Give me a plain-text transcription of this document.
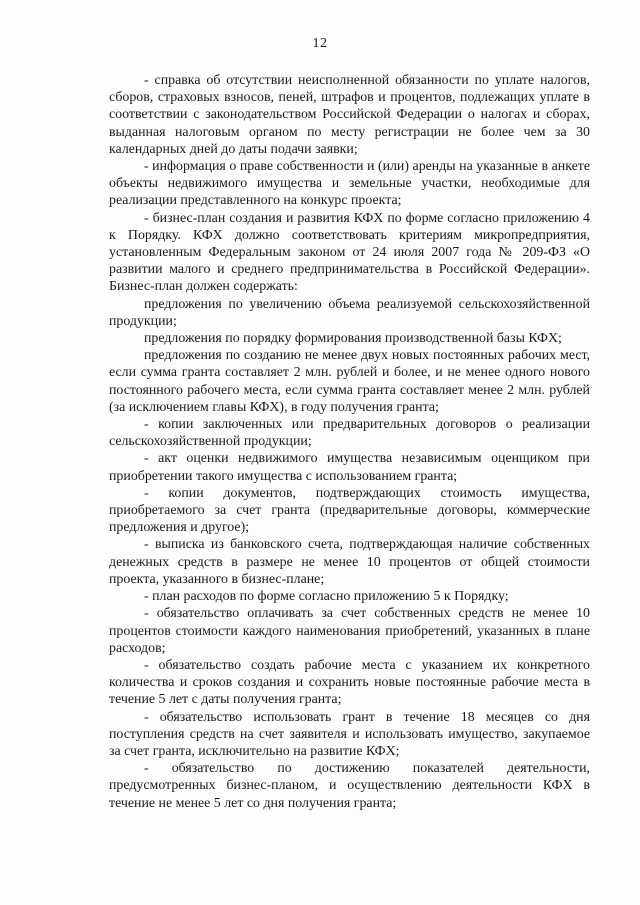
12

- справка об отсутствии неисполненной обязанности по уплате налогов, сборов, страховых взносов, пеней, штрафов и процентов, подлежащих уплате в соответствии с законодательством Российской Федерации о налогах и сборах, выданная налоговым органом по месту регистрации не более чем за 30 календарных дней до даты подачи заявки;

- информация о праве собственности и (или) аренды на указанные в анкете объекты недвижимого имущества и земельные участки, необходимые для реализации представленного на конкурс проекта;

- бизнес-план создания и развития КФХ по форме согласно приложению 4 к Порядку. КФХ должно соответствовать критериям микропредприятия, установленным Федеральным законом от 24 июля 2007 года № 209-ФЗ «О развитии малого и среднего предпринимательства в Российской Федерации». Бизнес-план должен содержать:

предложения по увеличению объема реализуемой сельскохозяйственной продукции;

предложения по порядку формирования производственной базы КФХ;

предложения по созданию не менее двух новых постоянных рабочих мест, если сумма гранта составляет 2 млн. рублей и более, и не менее одного нового постоянного рабочего места, если сумма гранта составляет менее 2 млн. рублей (за исключением главы КФХ), в году получения гранта;

- копии заключенных или предварительных договоров о реализации сельскохозяйственной продукции;

- акт оценки недвижимого имущества независимым оценщиком при приобретении такого имущества с использованием гранта;

- копии документов, подтверждающих стоимость имущества, приобретаемого за счет гранта (предварительные договоры, коммерческие предложения и другое);

- выписка из банковского счета, подтверждающая наличие собственных денежных средств в размере не менее 10 процентов от общей стоимости проекта, указанного в бизнес-плане;

- план расходов по форме согласно приложению 5 к Порядку;

- обязательство оплачивать за счет собственных средств не менее 10 процентов стоимости каждого наименования приобретений, указанных в плане расходов;

- обязательство создать рабочие места с указанием их конкретного количества и сроков создания и сохранить новые постоянные рабочие места в течение 5 лет с даты получения гранта;

- обязательство использовать грант в течение 18 месяцев со дня поступления средств на счет заявителя и использовать имущество, закупаемое за счет гранта, исключительно на развитие КФХ;

- обязательство по достижению показателей деятельности, предусмотренных бизнес-планом, и осуществлению деятельности КФХ в течение не менее 5 лет со дня получения гранта;
